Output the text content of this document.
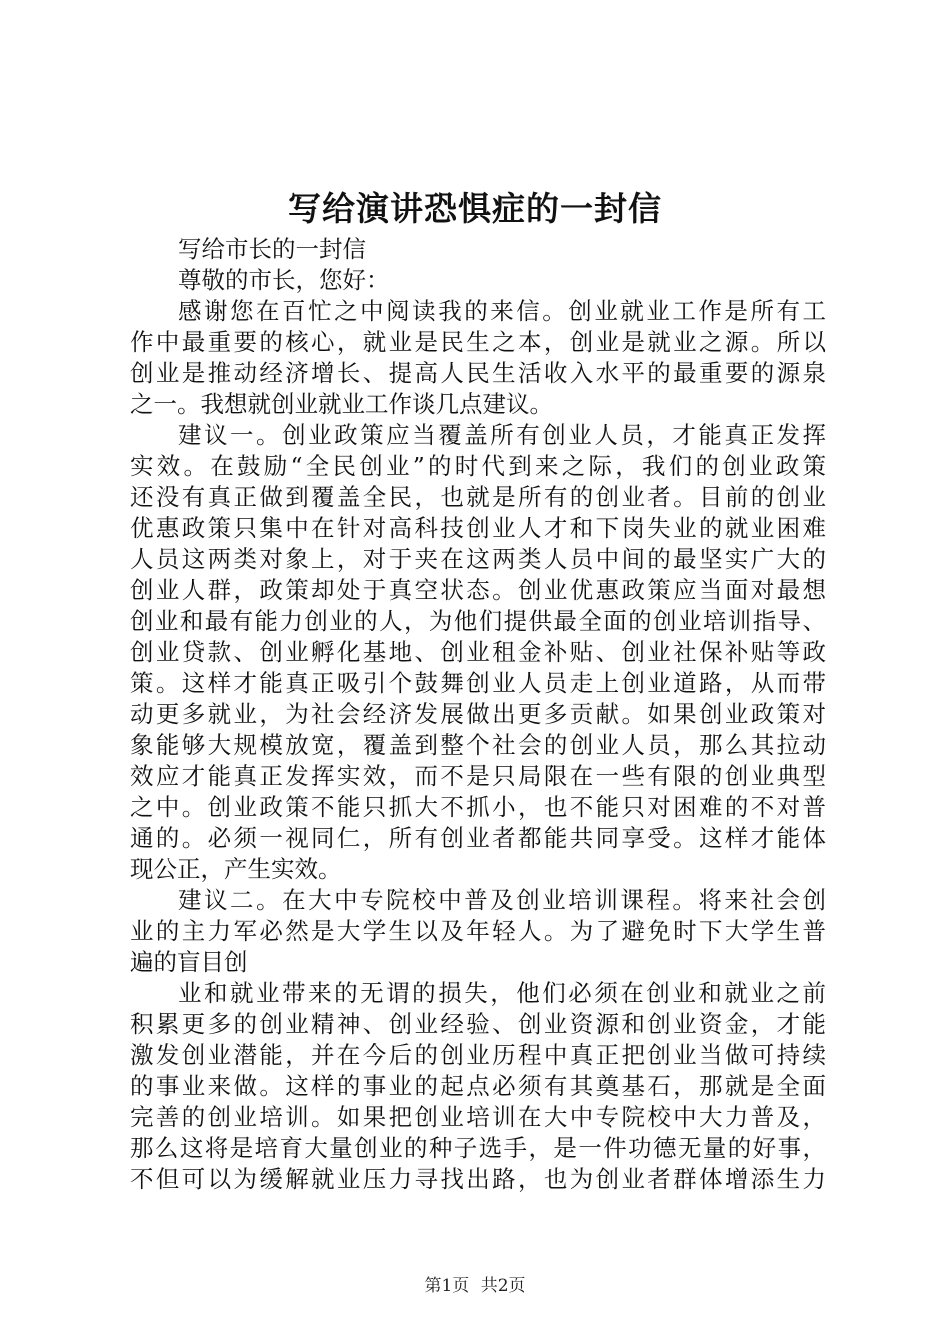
写给演讲恐惧症的一封信
写给市长的一封信
尊敬的市长，您好：
感谢您在百忙之中阅读我的来信。创业就业工作是所有工
作中最重要的核心，就业是民生之本，创业是就业之源。所以
创业是推动经济增长、提高人民生活收入水平的最重要的源泉
之一。我想就创业就业工作谈几点建议。
建议一。创业政策应当覆盖所有创业人员，才能真正发挥
实效。在鼓励“全民创业”的时代到来之际，我们的创业政策
还没有真正做到覆盖全民，也就是所有的创业者。目前的创业
优惠政策只集中在针对高科技创业人才和下岗失业的就业困难
人员这两类对象上，对于夹在这两类人员中间的最坚实广大的
创业人群，政策却处于真空状态。创业优惠政策应当面对最想
创业和最有能力创业的人，为他们提供最全面的创业培训指导、
创业贷款、创业孵化基地、创业租金补贴、创业社保补贴等政
策。这样才能真正吸引个鼓舞创业人员走上创业道路，从而带
动更多就业，为社会经济发展做出更多贡献。如果创业政策对
象能够大规模放宽，覆盖到整个社会的创业人员，那么其拉动
效应才能真正发挥实效，而不是只局限在一些有限的创业典型
之中。创业政策不能只抓大不抓小，也不能只对困难的不对普
通的。必须一视同仁，所有创业者都能共同享受。这样才能体
现公正，产生实效。
建议二。在大中专院校中普及创业培训课程。将来社会创
业的主力军必然是大学生以及年轻人。为了避免时下大学生普
遍的盲目创
业和就业带来的无谓的损失，他们必须在创业和就业之前
积累更多的创业精神、创业经验、创业资源和创业资金，才能
激发创业潜能，并在今后的创业历程中真正把创业当做可持续
的事业来做。这样的事业的起点必须有其奠基石，那就是全面
完善的创业培训。如果把创业培训在大中专院校中大力普及，
那么这将是培育大量创业的种子选手，是一件功德无量的好事，
不但可以为缓解就业压力寻找出路，也为创业者群体增添生力
第1页 共2页
